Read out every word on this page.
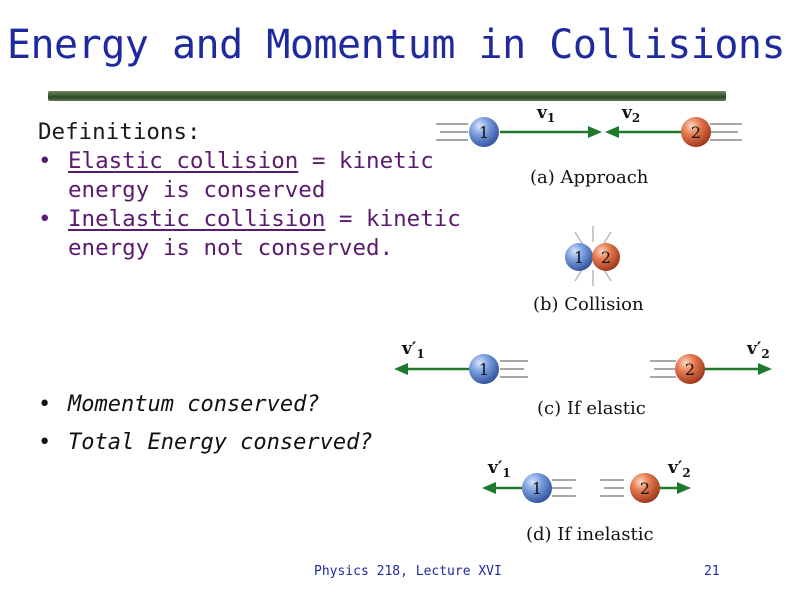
Energy and Momentum in Collisions
Definitions:
• Elastic collision = kinetic energy is conserved
• Inelastic collision = kinetic energy is not conserved.
• Momentum conserved?
• Total Energy conserved?
1	2
$v_1$	$v_2$
(a) Approach
1 2
(b) Collision
1	2
$v'_1$	$v'_2$
(c) If elastic
1	2
$v'_1$	$v'_2$
(d) If inelastic
Physics 218, Lecture XVI	21
